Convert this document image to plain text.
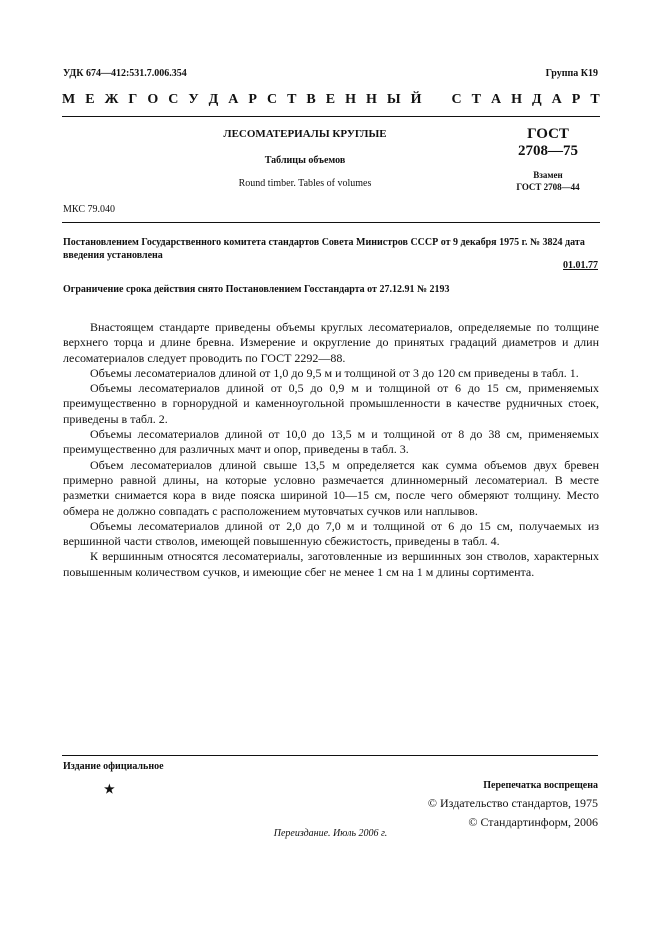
УДК 674—412:531.7.006.354	Группа К19
М Е Ж Г О С У Д А Р С Т В Е Н Н Ы Й С Т А Н Д А Р Т
ЛЕСОМАТЕРИАЛЫ КРУГЛЫЕ
Таблицы объемов
Round timber. Tables of volumes
ГОСТ
2708—75
Взамен
ГОСТ 2708—44
МКС 79.040
Постановлением Государственного комитета стандартов Совета Министров СССР от 9 декабря 1975 г. № 3824 дата введения установлена
01.01.77
Ограничение срока действия снято Постановлением Госстандарта от 27.12.91 № 2193

Внастоящем стандарте приведены объемы круглых лесоматериалов, определяемые по толщине верхнего торца и длине бревна. Измерение и округление до принятых градаций диаметров и длин лесоматериалов следует проводить по ГОСТ 2292—88.

Объемы лесоматериалов длиной от 1,0 до 9,5 м и толщиной от 3 до 120 см приведены в табл. 1.

Объемы лесоматериалов длиной от 0,5 до 0,9 м и толщиной от 6 до 15 см, применяемых преимущественно в горнорудной и каменноугольной промышленности в качестве рудничных стоек, приведены в табл. 2.

Объемы лесоматериалов длиной от 10,0 до 13,5 м и толщиной от 8 до 38 см, применяемых преимущественно для различных мачт и опор, приведены в табл. 3.

Объем лесоматериалов длиной свыше 13,5 м определяется как сумма объемов двух бревен примерно равной длины, на которые условно размечается длинномерный лесоматериал. В месте разметки снимается кора в виде пояска шириной 10—15 см, после чего обмеряют толщину. Место обмера не должно совпадать с расположением мутовчатых сучков или наплывов.

Объемы лесоматериалов длиной от 2,0 до 7,0 м и толщиной от 6 до 15 см, получаемых из вершинной части стволов, имеющей повышенную сбежистость, приведены в табл. 4.

К вершинным относятся лесоматериалы, заготовленные из вершинных зон стволов, характерных повышенным количеством сучков, и имеющие сбег не менее 1 см на 1 м длины сортимента.

Издание официальное
Перепечатка воспрещена
★
© Издательство стандартов, 1975
© Стандартинформ, 2006
Переиздание. Июль 2006 г.
